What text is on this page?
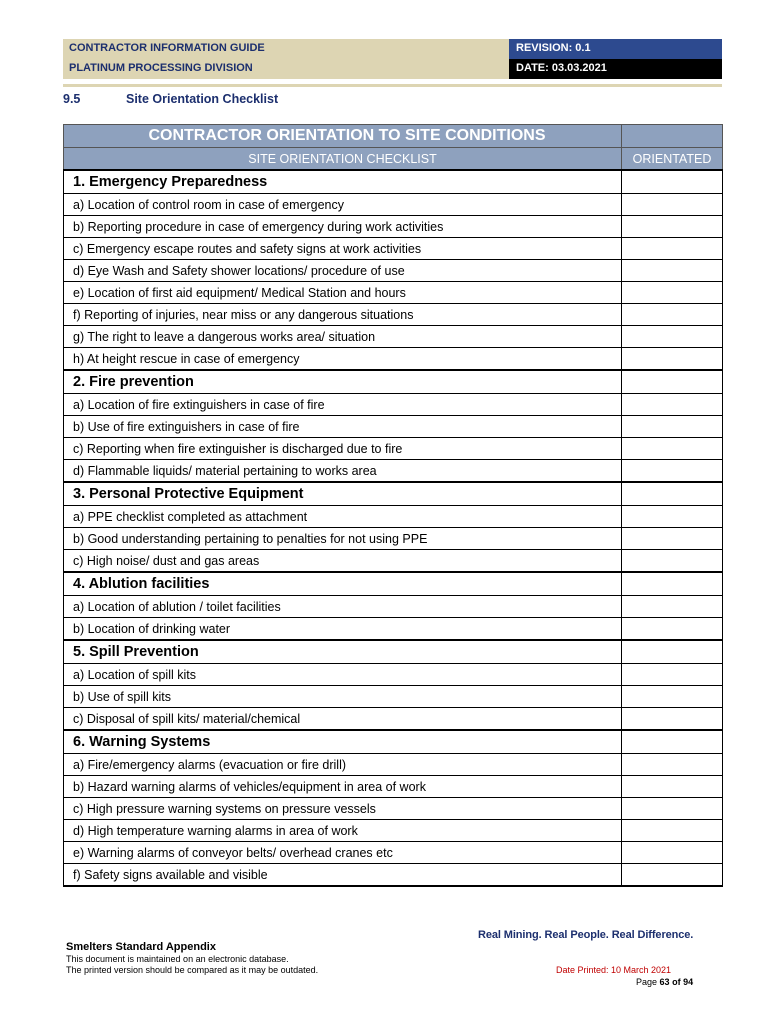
CONTRACTOR INFORMATION GUIDE
PLATINUM PROCESSING DIVISION
REVISION: 0.1
DATE: 03.03.2021
9.5	Site Orientation Checklist
CONTRACTOR ORIENTATION TO SITE CONDITIONS	
SITE ORIENTATION CHECKLIST	ORIENTATED
1. Emergency Preparedness	
a) Location of control room in case of emergency	
b) Reporting procedure in case of emergency during work activities	
c) Emergency escape routes and safety signs at work activities	
d) Eye Wash and Safety shower locations/ procedure of use	
e) Location of first aid equipment/ Medical Station and hours	
f) Reporting of injuries, near miss or any dangerous situations	
g) The right to leave a dangerous works area/ situation	
h) At height rescue in case of emergency	
2. Fire prevention	
a) Location of fire extinguishers in case of fire	
b) Use of fire extinguishers in case of fire	
c) Reporting when fire extinguisher is discharged due to fire	
d) Flammable liquids/ material pertaining to works area	
3. Personal Protective Equipment	
a) PPE checklist completed as attachment	
b) Good understanding pertaining to penalties for not using PPE	
c) High noise/ dust and gas areas	
4. Ablution facilities	
a) Location of ablution / toilet facilities	
b) Location of drinking water	
5. Spill Prevention	
a) Location of spill kits	
b) Use of spill kits	
c) Disposal of spill kits/ material/chemical	
6. Warning Systems	
a) Fire/emergency alarms (evacuation or fire drill)	
b) Hazard warning alarms of vehicles/equipment in area of work	
c) High pressure warning systems on pressure vessels	
d) High temperature warning alarms in area of work	
e) Warning alarms of conveyor belts/ overhead cranes etc	
f) Safety signs available and visible	
Real Mining. Real People. Real Difference.
Smelters Standard Appendix
This document is maintained on an electronic database.
The printed version should be compared as it may be outdated.	Date Printed: 10 March 2021
Page 63 of 94
